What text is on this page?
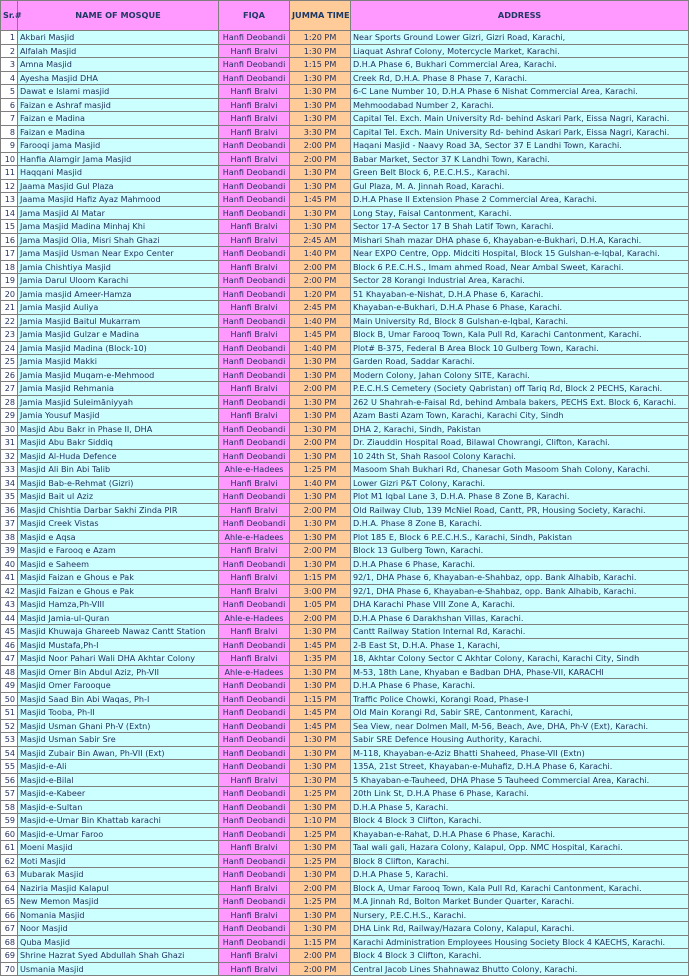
Sr.#	NAME OF MOSQUE	FIQA	JUMMA TIME	ADDRESS
1	Akbari Masjid	Hanfi Deobandi	1:20 PM	Near Sports Ground Lower Gizri, Gizri Road, Karachi,
2	Alfalah Masjid	Hanfi Bralvi	1:30 PM	Liaquat Ashraf Colony, Motercycle Market, Karachi.
3	Amna Masjid	Hanfi Deobandi	1:15 PM	D.H.A Phase 6, Bukhari Commercial Area, Karachi.
4	Ayesha Masjid DHA	Hanfi Deobandi	1:30 PM	Creek Rd, D.H.A. Phase 8 Phase 7, Karachi.
5	Dawat e Islami masjid	Hanfi Bralvi	1:30 PM	6-C Lane Number 10, D.H.A Phase 6 Nishat Commercial Area, Karachi.
6	Faizan e Ashraf masjid	Hanfi Bralvi	1:30 PM	Mehmoodabad Number 2, Karachi.
7	Faizan e Madina	Hanfi Bralvi	1:30 PM	Capital Tel. Exch. Main University Rd- behind Askari Park, Eissa Nagri, Karachi.
8	Faizan e Madina	Hanfi Bralvi	3:30 PM	Capital Tel. Exch. Main University Rd- behind Askari Park, Eissa Nagri, Karachi.
9	Farooqi jama Masjid	Hanfi Deobandi	2:00 PM	Haqani Masjid - Naavy Road 3A, Sector 37 E Landhi Town, Karachi.
10	Hanfia Alamgir Jama Masjid	Hanfi Bralvi	2:00 PM	Babar Market, Sector 37 K Landhi Town, Karachi.
11	Haqqani Masjid	Hanfi Deobandi	1:30 PM	Green Belt Block 6, P.E.C.H.S., Karachi.
12	Jaama Masjid Gul Plaza	Hanfi Deobandi	1:30 PM	Gul Plaza, M. A. Jinnah Road, Karachi.
13	Jaama Masjid Hafiz Ayaz Mahmood	Hanfi Deobandi	1:45 PM	D.H.A Phase II Extension Phase 2 Commercial Area, Karachi.
14	Jama Masjid Al Matar	Hanfi Deobandi	1:30 PM	Long Stay, Faisal Cantonment, Karachi.
15	Jama Masjid Madina Minhaj Khi	Hanfi Bralvi	1:30 PM	Sector 17-A Sector 17 B Shah Latif Town, Karachi.
16	Jama Masjid Olia, Misri Shah Ghazi	Hanfi Bralvi	2:45 AM	Mishari Shah mazar DHA phase 6, Khayaban-e-Bukhari, D.H.A, Karachi.
17	Jama Masjid Usman Near Expo Center	Hanfi Deobandi	1:40 PM	Near EXPO Centre, Opp. Midciti Hospital, Block 15 Gulshan-e-Iqbal, Karachi.
18	Jamia Chishtiya Masjid	Hanfi Bralvi	2:00 PM	Block 6 P.E.C.H.S., Imam ahmed Road, Near Ambal Sweet, Karachi.
19	Jamia Darul Uloom Karachi	Hanfi Deobandi	2:00 PM	Sector 28 Korangi Industrial Area, Karachi.
20	Jamia masjid Ameer-Hamza	Hanfi Deobandi	1:20 PM	51 Khayaban-e-Nishat, D.H.A Phase 6, Karachi.
21	Jamia Masjid Auliya	Hanfi Bralvi	2:45 PM	Khayaban-e-Bukhari, D.H.A Phase 6 Phase, Karachi.
22	Jamia Masjid Baitul Mukarram	Hanfi Deobandi	1:40 PM	Main University Rd, Block 8 Gulshan-e-Iqbal, Karachi.
23	Jamia Masjid Gulzar e Madina	Hanfi Bralvi	1:45 PM	Block B, Umar Farooq Town, Kala Pull Rd, Karachi Cantonment, Karachi.
24	Jamia Masjid Madina (Block-10)	Hanfi Deobandi	1:40 PM	Plot# B-375, Federal B Area Block 10 Gulberg Town, Karachi.
25	Jamia Masjid Makki	Hanfi Deobandi	1:30 PM	Garden Road, Saddar Karachi.
26	Jamia Masjid Muqam-e-Mehmood	Hanfi Deobandi	1:30 PM	Modern Colony, Jahan Colony SITE, Karachi.
27	Jamia Masjid Rehmania	Hanfi Bralvi	2:00 PM	P.E.C.H.S Cemetery (Society Qabristan) off Tariq Rd, Block 2 PECHS, Karachi.
28	Jamia Masjid Suleimāniyyah	Hanfi Deobandi	1:30 PM	262 U Shahrah-e-Faisal Rd, behind Ambala bakers, PECHS Ext. Block 6, Karachi.
29	Jamia Yousuf Masjid	Hanfi Bralvi	1:30 PM	Azam Basti Azam Town, Karachi, Karachi City, Sindh
30	Masjid Abu Bakr in Phase II, DHA	Hanfi Deobandi	1:30 PM	DHA 2, Karachi, Sindh, Pakistan
31	Masjid Abu Bakr Siddiq	Hanfi Deobandi	2:00 PM	Dr. Ziauddin Hospital Road, Bilawal Chowrangi, Clifton, Karachi.
32	Masjid Al-Huda Defence	Hanfi Deobandi	1:30 PM	10 24th St, Shah Rasool Colony Karachi.
33	Masjid Ali Bin Abi Talib	Ahle-e-Hadees	1:25 PM	Masoom Shah Bukhari Rd, Chanesar Goth Masoom Shah Colony, Karachi.
34	Masjid Bab-e-Rehmat (Gizri)	Hanfi Bralvi	1:40 PM	Lower Gizri P&T Colony, Karachi.
35	Masjid Bait ul Aziz	Hanfi Deobandi	1:30 PM	Plot M1 Iqbal Lane 3, D.H.A. Phase 8 Zone B, Karachi.
36	Masjid Chishtia Darbar Sakhi Zinda PIR	Hanfi Bralvi	2:00 PM	Old Railway Club, 139 McNiel Road, Cantt, PR, Housing Society, Karachi.
37	Masjid Creek Vistas	Hanfi Deobandi	1:30 PM	D.H.A. Phase 8 Zone B, Karachi.
38	Masjid e Aqsa	Ahle-e-Hadees	1:30 PM	Plot 185 E, Block 6 P.E.C.H.S., Karachi, Sindh, Pakistan
39	Masjid e Farooq e Azam	Hanfi Bralvi	2:00 PM	Block 13 Gulberg Town, Karachi.
40	Masjid e Saheem	Hanfi Deobandi	1:30 PM	D.H.A Phase 6 Phase, Karachi.
41	Masjid Faizan e Ghous e Pak	Hanfi Bralvi	1:15 PM	92/1, DHA Phase 6, Khayaban-e-Shahbaz, opp. Bank Alhabib, Karachi.
42	Masjid Faizan e Ghous e Pak	Hanfi Bralvi	3:00 PM	92/1, DHA Phase 6, Khayaban-e-Shahbaz, opp. Bank Alhabib, Karachi.
43	Masjid Hamza,Ph-VIII	Hanfi Deobandi	1:05 PM	DHA Karachi Phase VIII Zone A, Karachi.
44	Masjid Jamia-ul-Quran	Ahle-e-Hadees	2:00 PM	D.H.A Phase 6 Darakhshan Villas, Karachi.
45	Masjid Khuwaja Ghareeb Nawaz Cantt Station	Hanfi Bralvi	1:30 PM	Cantt Railway Station Internal Rd, Karachi.
46	Masjid Mustafa,Ph-I	Hanfi Deobandi	1:45 PM	2-B East St, D.H.A. Phase 1, Karachi,
47	Masjid Noor Pahari Wali DHA Akhtar Colony	Hanfi Bralvi	1:35 PM	18, Akhtar Colony Sector C Akhtar Colony, Karachi, Karachi City, Sindh
48	Masjid Omer Bin Abdul Aziz, Ph-VII	Ahle-e-Hadees	1:30 PM	M-53, 18th Lane, Khyaban e Badban DHA, Phase-VII, KARACHI
49	Masjid Omer Farooque	Hanfi Deobandi	1:30 PM	D.H.A Phase 6 Phase, Karachi.
50	Masjid Saad Bin Abi Waqas, Ph-I	Hanfi Deobandi	1:15 PM	Traffic Police Chowki, Korangi Road, Phase-I
51	Masjid Tooba, Ph-II	Hanfi Deobandi	1:45 PM	Old Main Korangi Rd, Sabir SRE, Cantonment, Karachi,
52	Masjid Usman Ghani Ph-V (Extn)	Hanfi Deobandi	1:45 PM	Sea View, near Dolmen Mall, M-56, Beach, Ave, DHA, Ph-V (Ext), Karachi.
53	Masjid Usman Sabir Sre	Hanfi Deobandi	1:30 PM	Sabir SRE Defence Housing Authority, Karachi.
54	Masjid Zubair Bin Awan, Ph-VII (Ext)	Hanfi Deobandi	1:30 PM	M-118, Khayaban-e-Aziz Bhatti Shaheed, Phase-VII (Extn)
55	Masjid-e-Ali	Hanfi Deobandi	1:30 PM	135A, 21st Street, Khayaban-e-Muhafiz, D.H.A Phase 6, Karachi.
56	Masjid-e-Bilal	Hanfi Bralvi	1:30 PM	5 Khayaban-e-Tauheed, DHA Phase 5 Tauheed Commercial Area, Karachi.
57	Masjid-e-Kabeer	Hanfi Deobandi	1:25 PM	20th Link St, D.H.A Phase 6 Phase, Karachi.
58	Masjid-e-Sultan	Hanfi Deobandi	1:30 PM	D.H.A Phase 5, Karachi.
59	Masjid-e-Umar Bin Khattab karachi	Hanfi Deobandi	1:10 PM	Block 4 Block 3 Clifton, Karachi.
60	Masjid-e-Umar Faroo	Hanfi Deobandi	1:25 PM	Khayaban-e-Rahat, D.H.A Phase 6 Phase, Karachi.
61	Moeni Masjid	Hanfi Bralvi	1:30 PM	Taal wali gali, Hazara Colony, Kalapul, Opp. NMC Hospital, Karachi.
62	Moti Masjid	Hanfi Deobandi	1:25 PM	Block 8 Clifton, Karachi.
63	Mubarak Masjid	Hanfi Deobandi	1:30 PM	D.H.A Phase 5, Karachi.
64	Naziria Masjid Kalapul	Hanfi Bralvi	2:00 PM	Block A, Umar Farooq Town, Kala Pull Rd, Karachi Cantonment, Karachi.
65	New Memon Masjid	Hanfi Deobandi	1:25 PM	M.A Jinnah Rd, Bolton Market Bunder Quarter, Karachi.
66	Nomania Masjid	Hanfi Bralvi	1:30 PM	Nursery, P.E.C.H.S., Karachi.
67	Noor Masjid	Hanfi Deobandi	1:30 PM	DHA Link Rd, Railway/Hazara Colony, Kalapul, Karachi.
68	Quba Masjid	Hanfi Deobandi	1:15 PM	Karachi Administration Employees Housing Society Block 4 KAECHS, Karachi.
69	Shrine Hazrat Syed Abdullah Shah Ghazi	Hanfi Bralvi	2:00 PM	Block 4 Block 3 Clifton, Karachi.
70	Usmania Masjid	Hanfi Bralvi	2:00 PM	Central Jacob Lines Shahnawaz Bhutto Colony, Karachi.
